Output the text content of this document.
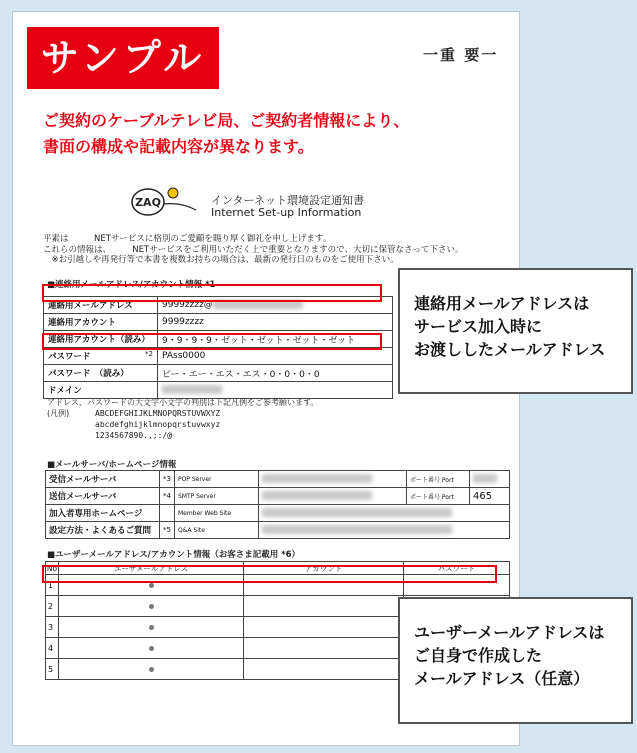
サンプル	一重 要一
ご契約のケーブルテレビ局、ご契約者情報により、
書面の構成や記載内容が異なります。
ZAQ	インターネット環境設定通知書
Internet Set-up Information
平素は　　　NETサービスに格別のご愛顧を賜り厚く御礼を申し上げます。
これらの情報は、　　　NETサービスをご利用いただく上で重要となりますので、大切に保管なさって下さい。
　※お引越しや再発行等で本書を複数お持ちの場合は、最新の発行日のものをご使用下さい。
■連絡用メールアドレス/アカウント情報 *1
連絡用メールアドレス	9999zzzz@
連絡用アカウント	9999zzzz
連絡用アカウント（読み）	9・9・9・9・ゼット・ゼット・ゼット・ゼット
パスワード *2	PAss0000
パスワード　（読み）	ピー・エー・エス・エス・0・0・0・0
ドメイン	
アドレス、パスワードの大文字小文字の判別は下記凡例をご参考願います。
(凡例)	ABCDEFGHIJKLMNOPQRSTUVWXYZ
abcdefghijklmnopqrstuvwxyz
1234567890.,;:/@
■メールサーバ/ホームページ情報
受信メールサーバ	*3	POP Server		ポート番号 Port	
送信メールサーバ	*4	SMTP Server		ポート番号 Port	465
加入者専用ホームページ		Member Web Site			
設定方法・よくあるご質問	*5	Q&A Site			
■ユーザーメールアドレス/アカウント情報（お客さま記載用 *6）
No	ユーザメールアドレス	アカウント	パスワード
1			
2			
3			
4			
5			
連絡用メールアドレスは
サービス加入時に
お渡ししたメールアドレス
ユーザーメールアドレスは
ご自身で作成した
メールアドレス（任意）
